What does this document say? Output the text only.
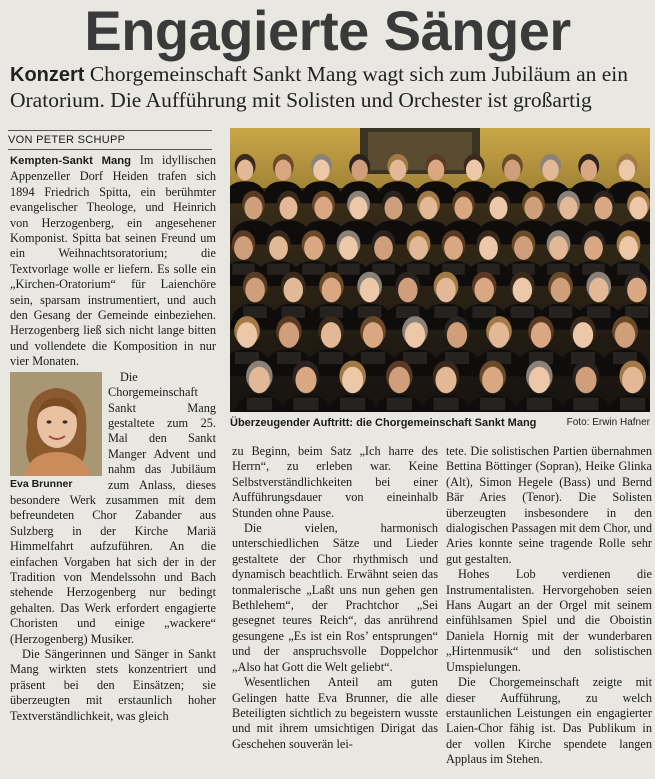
Engagierte Sänger
Konzert Chorgemeinschaft Sankt Mang wagt sich zum Jubiläum an ein Oratorium. Die Aufführung mit Solisten und Orchester ist großartig
VON PETER SCHUPP

Kempten-Sankt Mang Im idyllischen Appenzeller Dorf Heiden trafen sich 1894 Friedrich Spitta, ein berühmter evangelischer Theologe, und Heinrich von Herzogenberg, ein angesehener Komponist. Spitta bat seinen Freund um ein Weihnachtsoratorium; die Textvorlage wolle er liefern. Es solle ein „Kirchen-Oratorium“ für Laienchöre sein, sparsam instrumentiert, und auch den Gesang der Gemeinde einbeziehen. Herzogenberg ließ sich nicht lange bitten und vollendete die Komposition in nur vier Monaten.

Eva Brunner
Die Chorgemeinschaft Sankt Mang gestaltete zum 25. Mal den Sankt Manger Advent und nahm das Jubiläum zum Anlass, dieses besondere Werk zusammen mit dem befreundeten Chor Zabander aus Sulzberg in der Kirche Mariä Himmelfahrt aufzuführen. An die einfachen Vorgaben hat sich der in der Tradition von Mendelssohn und Bach stehende Herzogenberg nur bedingt gehalten. Das Werk erfordert engagierte Choristen und einige „wackere“ (Herzogenberg) Musiker.

Die Sängerinnen und Sänger in Sankt Mang wirkten stets konzentriert und präsent bei den Einsätzen; sie überzeugten mit erstaunlich hoher Textverständlichkeit, was gleich

Überzeugender Auftritt: die Chorgemeinschaft Sankt Mang	Foto: Erwin Hafner

zu Beginn, beim Satz „Ich harre des Herrn“, zu erleben war. Keine Selbstverständlichkeiten bei einer Aufführungsdauer von eineinhalb Stunden ohne Pause.

Die vielen, harmonisch unterschiedlichen Sätze und Lieder gestaltete der Chor rhythmisch und dynamisch beachtlich. Erwähnt seien das tonmalerische „Laßt uns nun gehen gen Bethlehem“, der Prachtchor „Sei gesegnet teures Reich“, das anrührend gesungene „Es ist ein Ros’ entsprungen“ und der anspruchsvolle Doppelchor „Also hat Gott die Welt geliebt“.

Wesentlichen Anteil am guten Gelingen hatte Eva Brunner, die alle Beteiligten sichtlich zu begeistern wusste und mit ihrem umsichtigen Dirigat das Geschehen souverän lei-

tete. Die solistischen Partien übernahmen Bettina Böttinger (Sopran), Heike Glinka (Alt), Simon Hegele (Bass) und Bernd Bär Aries (Tenor). Die Solisten überzeugten insbesondere in den dialogischen Passagen mit dem Chor, und Aries konnte seine tragende Rolle sehr gut gestalten.

Hohes Lob verdienen die Instrumentalisten. Hervorgehoben seien Hans Augart an der Orgel mit seinem einfühlsamen Spiel und die Oboistin Daniela Hornig mit der wunderbaren „Hirtenmusik“ und den solistischen Umspielungen.

Die Chorgemeinschaft zeigte mit dieser Aufführung, zu welch erstaunlichen Leistungen ein engagierter Laien-Chor fähig ist. Das Publikum in der vollen Kirche spendete langen Applaus im Stehen.
